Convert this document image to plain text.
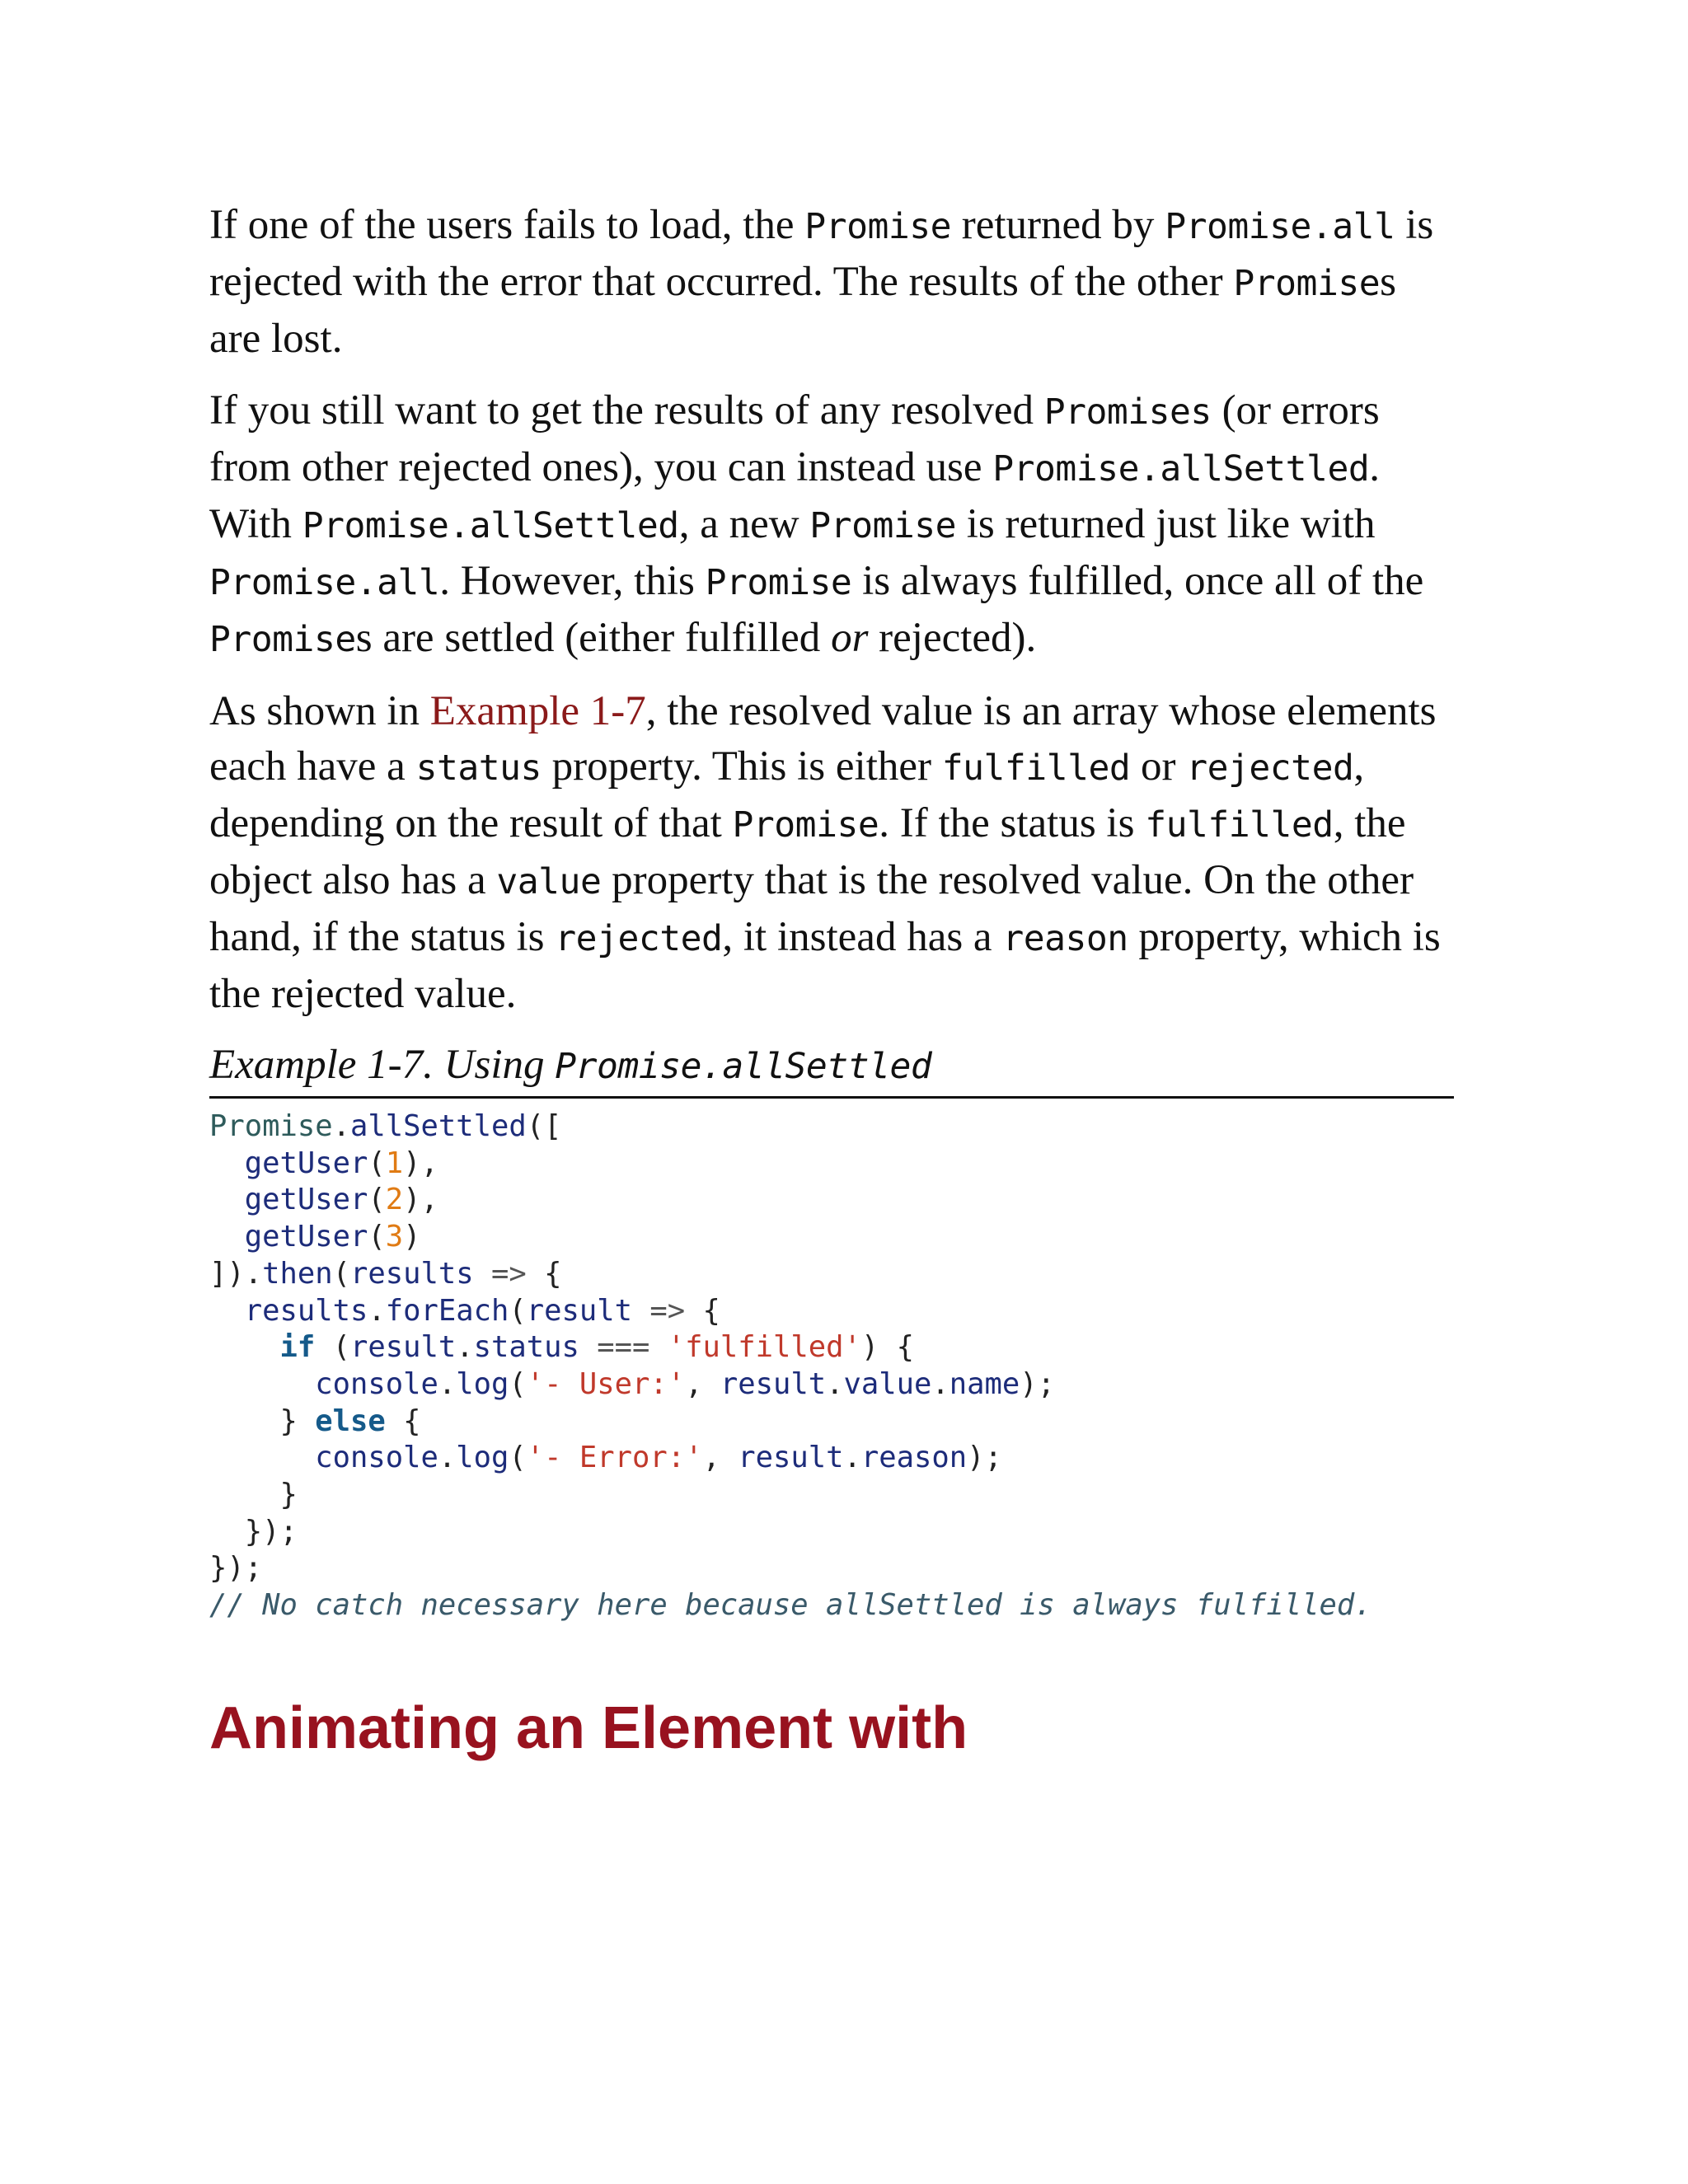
If one of the users fails to load, the Promise returned by Promise.all is rejected with the error that occurred. The results of the other Promises are lost.

If you still want to get the results of any resolved Promises (or errors from other rejected ones), you can instead use Promise.allSettled. With Promise.allSettled, a new Promise is returned just like with Promise.all. However, this Promise is always fulfilled, once all of the Promises are settled (either fulfilled or rejected).

As shown in Example 1-7, the resolved value is an array whose elements each have a status property. This is either fulfilled or rejected, depending on the result of that Promise. If the status is fulfilled, the object also has a value property that is the resolved value. On the other hand, if the status is rejected, it instead has a reason property, which is the rejected value.

Example 1-7. Using Promise.allSettled
Promise.allSettled([
getUser(1),
getUser(2),
getUser(3)
]).then(results => {
results.forEach(result => {
if (result.status === 'fulfilled') {
console.log('- User:', result.value.name);
} else {
console.log('- Error:', result.reason);
}
});
});
// No catch necessary here because allSettled is always fulfilled.
Animating an Element with
